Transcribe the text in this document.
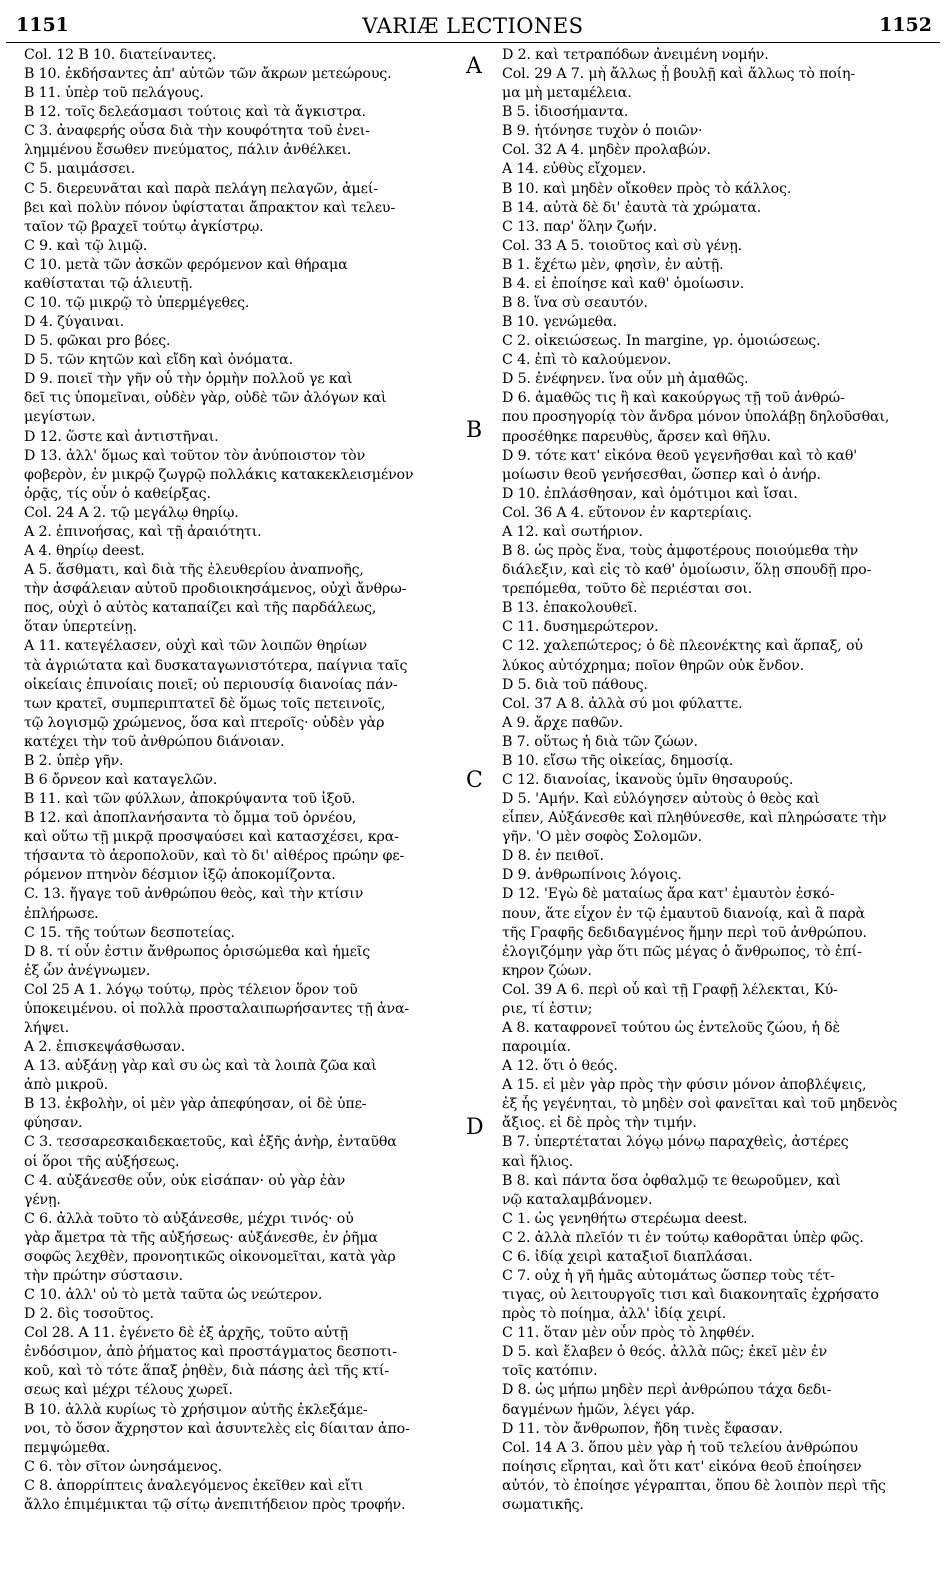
1151	VARIÆ LECTIONES	1152
A
B
C
D
Col. 12 B 10. διατείναντες.
B 10. ἐκδήσαντες ἀπ' αὐτῶν τῶν ἄκρων μετεώρους.
B 11. ὑπὲρ τοῦ πελάγους.
B 12. τοῖς δελεάσμασι τούτοις καὶ τὰ ἄγκιστρα.
C 3. ἀναφερής οὖσα διὰ τὴν κουφότητα τοῦ ἐνει-
λημμένου ἔσωθεν πνεύματος, πάλιν ἀνθέλκει.
C 5. μαιμάσσει.
C 5. διερευνᾶται καὶ παρὰ πελάγη πελαγῶν, ἀμεί-
βει καὶ πολὺν πόνον ὑφίσταται ἄπρακτον καὶ τελευ-
ταῖον τῷ βραχεῖ τούτῳ ἀγκίστρῳ.
C 9. καὶ τῷ λιμῷ.
C 10. μετὰ τῶν ἀσκῶν φερόμενον καὶ θήραμα
καθίσταται τῷ ἁλιευτῇ.
C 10. τῷ μικρῷ τὸ ὑπερμέγεθες.
D 4. ζύγαιναι.
D 5. φῶκαι pro βόες.
D 5. τῶν κητῶν καὶ εἴδη καὶ ὀνόματα.
D 9. ποιεῖ τὴν γῆν οὗ τὴν ὁρμὴν πολλοῦ γε καὶ
δεῖ τις ὑπομεῖναι, οὐδὲν γὰρ, οὐδὲ τῶν ἀλόγων καὶ
μεγίστων.
D 12. ὥστε καὶ ἀντιστῆναι.
D 13. ἀλλ' ὅμως καὶ τοῦτον τὸν ἀνύποιστον τὸν
φοβερὸν, ἐν μικρῷ ζωγρῷ πολλάκις κατακεκλεισμένον
ὁρᾷς, τίς οὖν ὁ καθείρξας.
Col. 24 A 2. τῷ μεγάλῳ θηρίῳ.
A 2. ἐπινοήσας, καὶ τῇ ἀραιότητι.
A 4. θηρίῳ deest.
A 5. ἄσθματι, καὶ διὰ τῆς ἐλευθερίου ἀναπνοῆς,
τὴν ἀσφάλειαν αὐτοῦ προδιοικησάμενος, οὐχὶ ἄνθρω-
πος, οὐχὶ ὁ αὐτὸς καταπαίζει καὶ τῆς παρδάλεως,
ὅταν ὑπερτείνῃ.
A 11. κατεγέλασεν, οὐχὶ καὶ τῶν λοιπῶν θηρίων
τὰ ἀγριώτατα καὶ δυσκαταγωνιστότερα, παίγνια ταῖς
οἰκείαις ἐπινοίαις ποιεῖ; οὐ περιουσίᾳ διανοίας πάν-
των κρατεῖ, συμπεριπτατεῖ δὲ ὅμως τοῖς πετεινοῖς,
τῷ λογισμῷ χρώμενος, ὅσα καὶ πτεροῖς· οὐδὲν γὰρ
κατέχει τὴν τοῦ ἀνθρώπου διάνοιαν.
B 2. ὑπὲρ γῆν.
B 6 ὄρνεον καὶ καταγελῶν.
B 11. καὶ τῶν φύλλων, ἀποκρύψαντα τοῦ ἰξοῦ.
B 12. καὶ ἀποπλανήσαντα τὸ ὄμμα τοῦ ὀρνέου,
καὶ οὕτω τῇ μικρᾷ προσψαύσει καὶ κατασχέσει, κρα-
τήσαντα τὸ ἀεροπολοῦν, καὶ τὸ δι' αἰθέρος πρώην φε-
ρόμενον πτηνὸν δέσμιον ἰξῷ ἀποκομίζοντα.
C. 13. ἤγαγε τοῦ ἀνθρώπου θεὸς, καὶ τὴν κτίσιν
ἐπλήρωσε.
C 15. τῆς τούτων δεσποτείας.
D 8. τί οὖν ἐστιν ἄνθρωπος ὁρισώμεθα καὶ ἡμεῖς
ἐξ ὧν ἀνέγνωμεν.
Col 25 A 1. λόγῳ τούτῳ, πρὸς τέλειον ὅρον τοῦ
ὑποκειμένου. οἱ πολλὰ προσταλαιπωρήσαντες τῇ ἀνα-
λήψει.
A 2. ἐπισκεψάσθωσαν.
A 13. αὐξάνῃ γὰρ καὶ συ ὡς καὶ τὰ λοιπὰ ζῶα καὶ
ἀπὸ μικροῦ.
B 13. ἐκβολὴν, οἱ μὲν γὰρ ἀπεφύησαν, οἱ δὲ ὑπε-
φύησαν.
C 3. τεσσαρεσκαιδεκαετοῦς, καὶ ἑξῆς ἀνὴρ, ἐνταῦθα
οἱ ὅροι τῆς αὐξήσεως.
C 4. αὐξάνεσθε οὖν, οὐκ εἰσάπαν· οὐ γὰρ ἐὰν
γένῃ.
C 6. ἀλλὰ τοῦτο τὸ αὐξάνεσθε, μέχρι τινός· οὐ
γὰρ ἄμετρα τὰ τῆς αὐξήσεως· αὐξάνεσθε, ἐν ῥῆμα
σοφῶς λεχθὲν, προνοητικῶς οἰκονομεῖται, κατὰ γὰρ
τὴν πρώτην σύστασιν.
C 10. ἀλλ' οὐ τὸ μετὰ ταῦτα ὡς νεώτερον.
D 2. δὶς τοσοῦτος.
Col 28. A 11. ἐγένετο δὲ ἐξ ἀρχῆς, τοῦτο αὐτῇ
ἐνδόσιμον, ἀπὸ ῥήματος καὶ προστάγματος δεσποτι-
κοῦ, καὶ τὸ τότε ἅπαξ ῥηθὲν, διὰ πάσης ἀεὶ τῆς κτί-
σεως καὶ μέχρι τέλους χωρεῖ.
B 10. ἀλλὰ κυρίως τὸ χρήσιμον αὐτῆς ἐκλεξάμε-
νοι, τὸ ὅσον ἄχρηστον καὶ ἀσυντελὲς εἰς δίαιταν ἀπο-
πεμψώμεθα.
C 6. τὸν σῖτον ὠνησάμενος.
C 8. ἀπορρίπτεις ἀναλεγόμενος ἐκεῖθεν καὶ εἴτι
ἄλλο ἐπιμέμικται τῷ σίτῳ ἀνεπιτήδειον πρὸς τροφήν.
D 2. καὶ τετραπόδων ἀνειμένη νομήν.
Col. 29 A 7. μὴ ἄλλως ᾖ βουλῇ καὶ ἄλλως τὸ ποίη-
μα μὴ μεταμέλεια.
B 5. ἰδιοσήμαντα.
B 9. ἠτόνησε τυχὸν ὁ ποιῶν·
Col. 32 A 4. μηδὲν προλαβών.
A 14. εὐθὺς εἴχομεν.
B 10. καὶ μηδὲν οἴκοθεν πρὸς τὸ κάλλος.
B 14. αὐτὰ δὲ δι' ἑαυτὰ τὰ χρώματα.
C 13. παρ' ὅλην ζωήν.
Col. 33 A 5. τοιοῦτος καὶ σὺ γένῃ.
B 1. ἔχέτω μὲν, φησὶν, ἐν αὐτῇ.
B 4. εἰ ἐποίησε καὶ καθ' ὁμοίωσιν.
B 8. ἵνα σὺ σεαυτόν.
B 10. γενώμεθα.
C 2. οἰκειώσεως. In margine, γρ. ὁμοιώσεως.
C 4. ἐπὶ τὸ καλούμενον.
D 5. ἐνέφηνεν. ἵνα οὖν μὴ ἀμαθῶς.
D 6. ἀμαθῶς τις ἢ καὶ κακούργως τῇ τοῦ ἀνθρώ-
που προσηγορίᾳ τὸν ἄνδρα μόνον ὑπολάβῃ δηλοῦσθαι,
προσέθηκε παρευθὺς, ἄρσεν καὶ θῆλυ.
D 9. τότε κατ' εἰκόνα θεοῦ γεγενῆσθαι καὶ τὸ καθ'
μοίωσιν θεοῦ γενήσεσθαι, ὥσπερ καὶ ὁ ἀνήρ.
D 10. ἐπλάσθησαν, καὶ ὁμότιμοι καὶ ἴσαι.
Col. 36 A 4. εὔτονον ἐν καρτερίαις.
A 12. καὶ σωτήριον.
B 8. ὡς πρὸς ἕνα, τοὺς ἀμφοτέρους ποιούμεθα τὴν
διάλεξιν, καὶ εἰς τὸ καθ' ὁμοίωσιν, ὅλῃ σπουδῇ προ-
τρεπόμεθα, τοῦτο δὲ περιέσται σοι.
B 13. ἐπακολουθεῖ.
C 11. δυσημερώτερον.
C 12. χαλεπώτερος; ὁ δὲ πλεονέκτης καὶ ἅρπαξ, οὐ
λύκος αὐτόχρημα; ποῖον θηρῶν οὐκ ἔνδον.
D 5. διὰ τοῦ πάθους.
Col. 37 A 8. ἀλλὰ σύ μοι φύλαττε.
A 9. ἄρχε παθῶν.
B 7. οὕτως ἡ διὰ τῶν ζώων.
B 10. εἴσω τῆς οἰκείας, δημοσίᾳ.
C 12. διανοίας, ἱκανοὺς ὑμῖν θησαυρούς.
D 5. 'Αμήν. Καὶ εὐλόγησεν αὐτοὺς ὁ θεὸς καὶ
εἶπεν, Αὐξάνεσθε καὶ πληθύνεσθε, καὶ πληρώσατε τὴν
γῆν. 'Ο μὲν σοφὸς Σολομῶν.
D 8. ἐν πειθοῖ.
D 9. ἀνθρωπίνοις λόγοις.
D 12. 'Εγὼ δὲ ματαίως ἄρα κατ' ἐμαυτὸν ἐσκό-
πουν, ἅτε εἶχον ἐν τῷ ἐμαυτοῦ διανοίᾳ, καὶ ἃ παρὰ
τῆς Γραφῆς δεδιδαγμένος ἤμην περὶ τοῦ ἀνθρώπου.
ἐλογιζόμην γὰρ ὅτι πῶς μέγας ὁ ἄνθρωπος, τὸ ἐπί-
κηρον ζώων.
Col. 39 A 6. περὶ οὗ καὶ τῇ Γραφῇ λέλεκται, Κύ-
ριε, τί ἐστιν;
A 8. καταφρονεῖ τούτου ὡς ἐντελοῦς ζώου, ἡ δὲ
παροιμία.
A 12. ὅτι ὁ θεός.
A 15. εἰ μὲν γὰρ πρὸς τὴν φύσιν μόνον ἀποβλέψεις,
ἐξ ἧς γεγένηται, τὸ μηδὲν σοὶ φανεῖται καὶ τοῦ μηδενὸς
ἄξιος. εἰ δὲ πρὸς τὴν τιμήν.
B 7. ὑπερτέταται λόγῳ μόνῳ παραχθεὶς, ἀστέρες
καὶ ἥλιος.
B 8. καὶ πάντα ὅσα ὀφθαλμῷ τε θεωροῦμεν, καὶ
νῷ καταλαμβάνομεν.
C 1. ὡς γενηθήτω στερέωμα deest.
C 2. ἀλλὰ πλεῖόν τι ἐν τούτῳ καθορᾶται ὑπὲρ φῶς.
C 6. ἰδίᾳ χειρὶ καταξιοῖ διαπλάσαι.
C 7. οὐχ ἡ γῆ ἡμᾶς αὐτομάτως ὥσπερ τοὺς τέτ-
τιγας, οὐ λειτουργοῖς τισι καὶ διακονηταῖς ἐχρήσατο
πρὸς τὸ ποίημα, ἀλλ' ἰδίᾳ χειρί.
C 11. ὅταν μὲν οὖν πρὸς τὸ ληφθέν.
D 5. καὶ ἔλαβεν ὁ θεός. ἀλλὰ πῶς; ἐκεῖ μὲν ἐν
τοῖς κατόπιν.
D 8. ὡς μήπω μηδὲν περὶ ἀνθρώπου τάχα δεδι-
δαγμένων ἡμῶν, λέγει γάρ.
D 11. τὸν ἄνθρωπον, ἤδη τινὲς ἔφασαν.
Col. 14 A 3. ὅπου μὲν γὰρ ἡ τοῦ τελείου ἀνθρώπου
ποίησις εἴρηται, καὶ ὅτι κατ' εἰκόνα θεοῦ ἐποίησεν
αὐτόν, τὸ ἐποίησε γέγραπται, ὅπου δὲ λοιπὸν περὶ τῆς
σωματικῆς.
